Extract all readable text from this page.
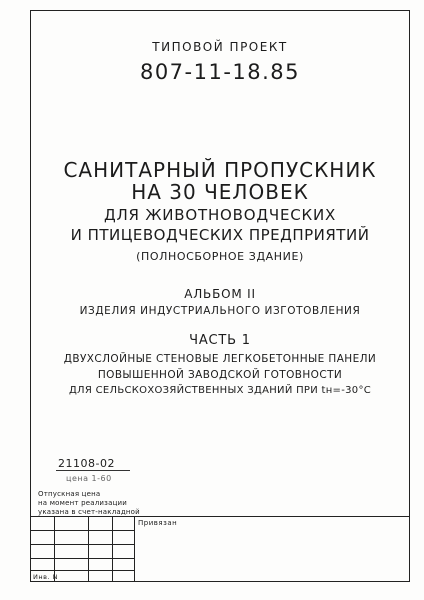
ТИПОВОЙ ПРОЕКТ
807-11-18.85
САНИТАРНЫЙ ПРОПУСКНИК
НА 30 ЧЕЛОВЕК
ДЛЯ ЖИВОТНОВОДЧЕСКИХ
И ПТИЦЕВОДЧЕСКИХ ПРЕДПРИЯТИЙ
(ПОЛНОСБОРНОЕ ЗДАНИЕ)
АЛЬБОМ II
ИЗДЕЛИЯ ИНДУСТРИАЛЬНОГО ИЗГОТОВЛЕНИЯ
ЧАСТЬ 1
ДВУХСЛОЙНЫЕ СТЕНОВЫЕ ЛЕГКОБЕТОННЫЕ ПАНЕЛИ
ПОВЫШЕННОЙ ЗАВОДСКОЙ ГОТОВНОСТИ
ДЛЯ СЕЛЬСКОХОЗЯЙСТВЕННЫХ ЗДАНИЙ ПРИ tн=-30°С
21108-02
цена 1-60
Отпускная цена
на момент реализации
указана в счет-накладной
Привязан
Инв. N
